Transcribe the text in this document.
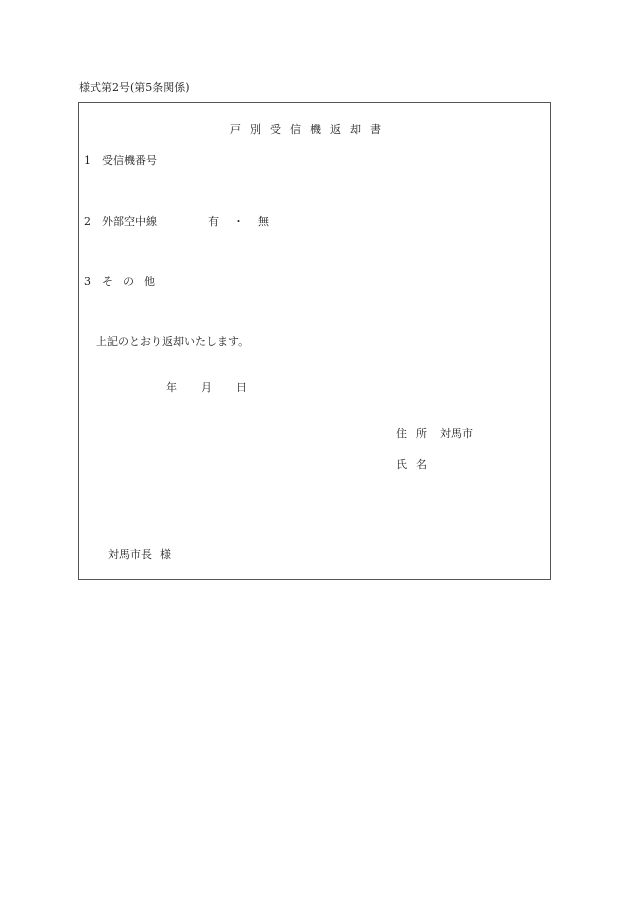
様式第2号(第5条関係)
戸別受信機返却書
1 受信機番号
2 外部空中線	有 ・ 無
3 その他
上記のとおり返却いたします。
年 月 日
住所 対馬市
氏名
対馬市長 様
